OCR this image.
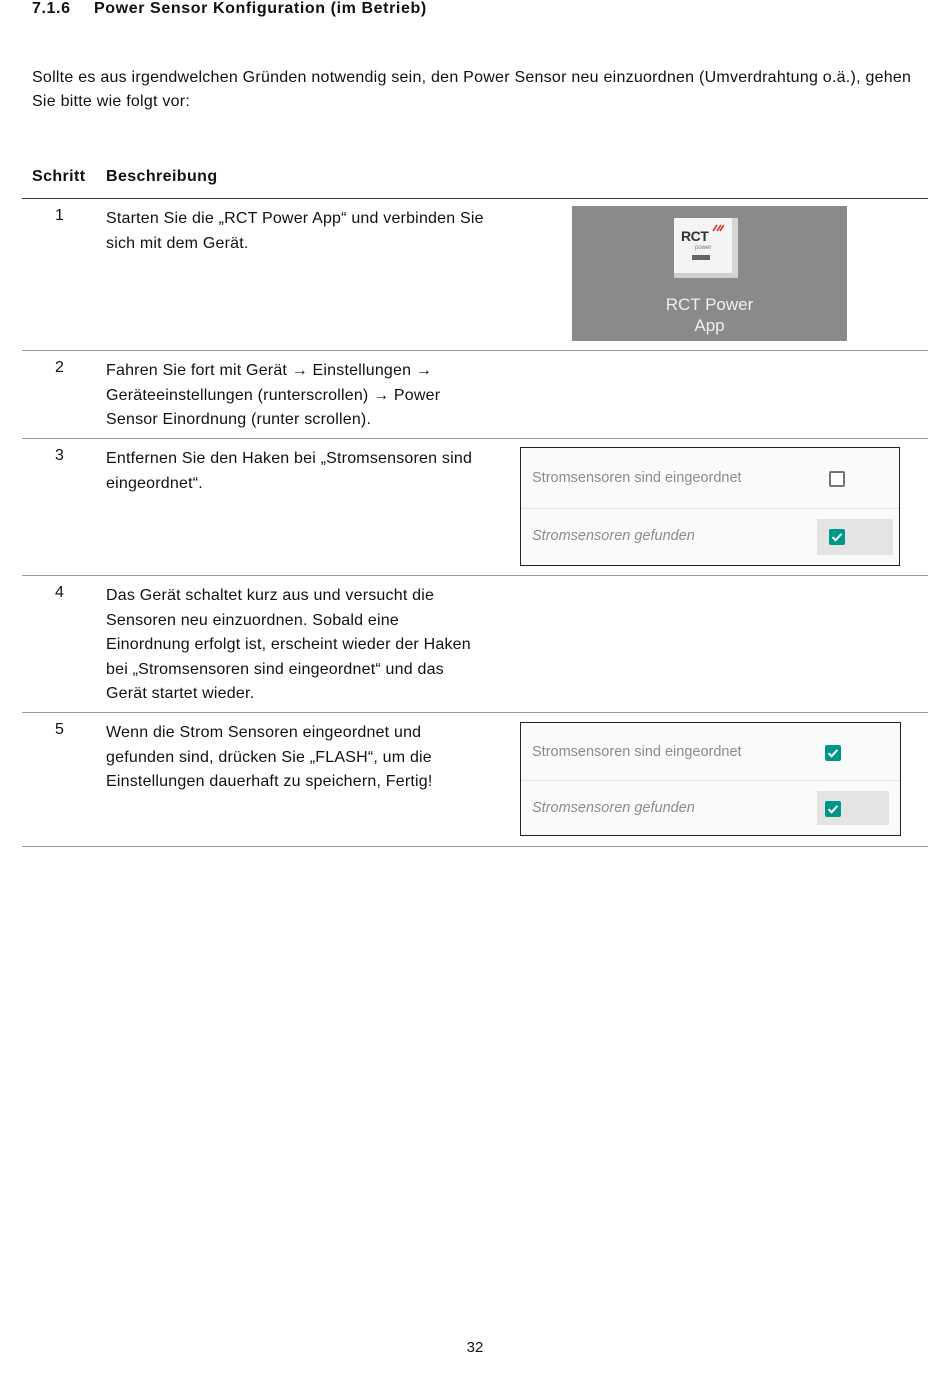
7.1.6 Power Sensor Konfiguration (im Betrieb)

Sollte es aus irgendwelchen Gründen notwendig sein, den Power Sensor neu einzuordnen (Umverdrahtung o.ä.), gehen Sie bitte wie folgt vor:

Schritt Beschreibung
1	Starten Sie die „RCT Power App“ und verbinden Sie sich mit dem Gerät.	RCT
power
RCT Power App
2	Fahren Sie fort mit Gerät → Einstellungen → Geräteeinstellungen (runterscrollen) → Power Sensor Einordnung (runter scrollen).

3	Entfernen Sie den Haken bei „Stromsensoren sind eingeordnet“.	Stromsensoren sind eingeordnet
Stromsensoren gefunden
4	Das Gerät schaltet kurz aus und versucht die Sensoren neu einzuordnen. Sobald eine Einordnung erfolgt ist, erscheint wieder der Haken bei „Stromsensoren sind eingeordnet“ und das Gerät startet wieder.

5	Wenn die Strom Sensoren eingeordnet und gefunden sind, drücken Sie „FLASH“, um die Einstellungen dauerhaft zu speichern, Fertig!

Stromsensoren sind eingeordnet
Stromsensoren gefunden
32
